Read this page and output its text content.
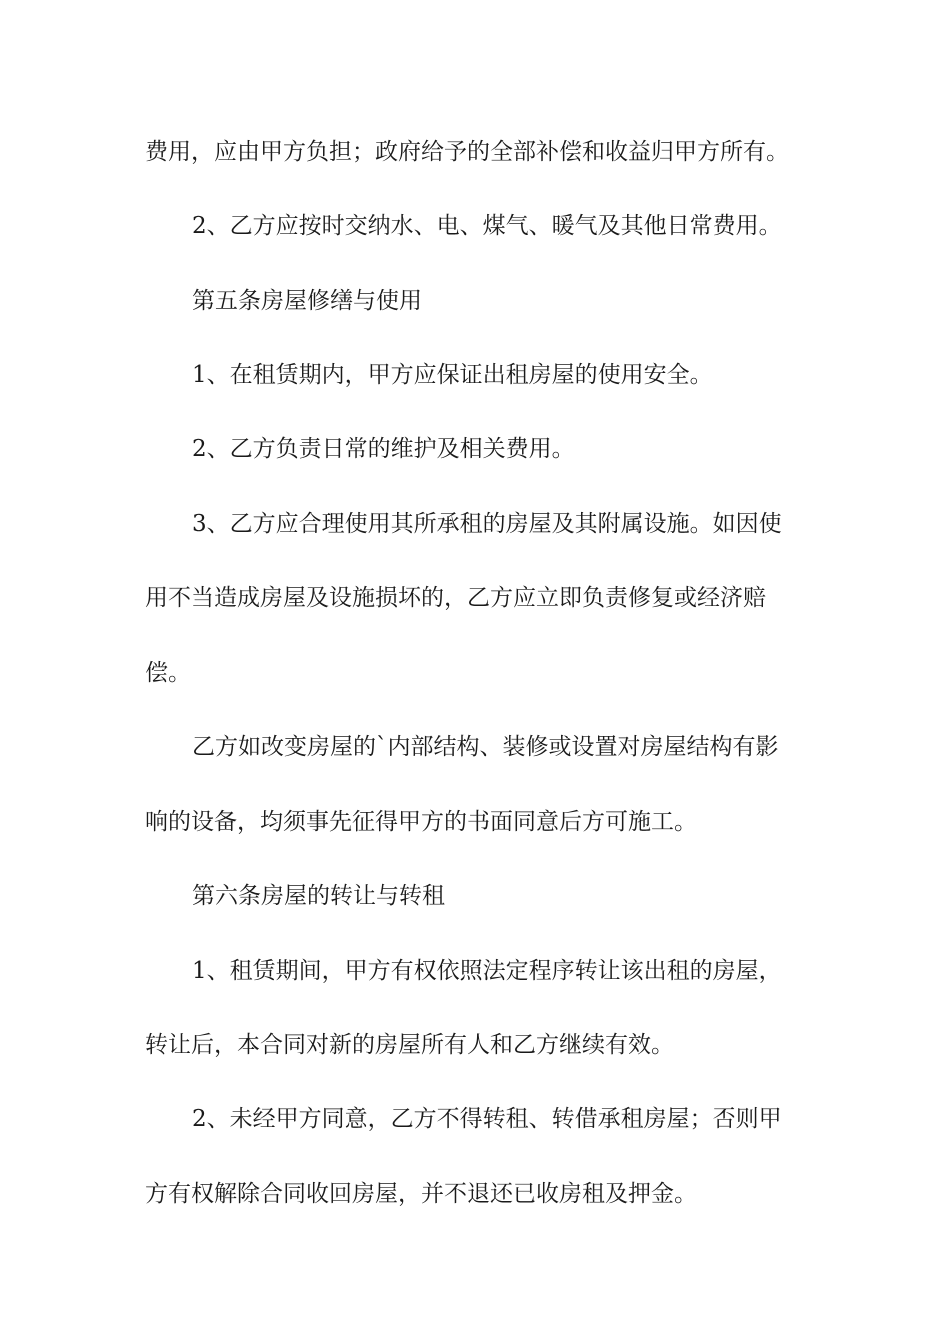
费用，应由甲方负担；政府给予的全部补偿和收益归甲方所有。
2、乙方应按时交纳水、电、煤气、暖气及其他日常费用。
第五条房屋修缮与使用
1、在租赁期内，甲方应保证出租房屋的使用安全。
2、乙方负责日常的维护及相关费用。
3、乙方应合理使用其所承租的房屋及其附属设施。如因使
用不当造成房屋及设施损坏的，乙方应立即负责修复或经济赔
偿。
乙方如改变房屋的`内部结构、装修或设置对房屋结构有影
响的设备，均须事先征得甲方的书面同意后方可施工。
第六条房屋的转让与转租
1、租赁期间，甲方有权依照法定程序转让该出租的房屋，
转让后，本合同对新的房屋所有人和乙方继续有效。
2、未经甲方同意，乙方不得转租、转借承租房屋；否则甲
方有权解除合同收回房屋，并不退还已收房租及押金。
